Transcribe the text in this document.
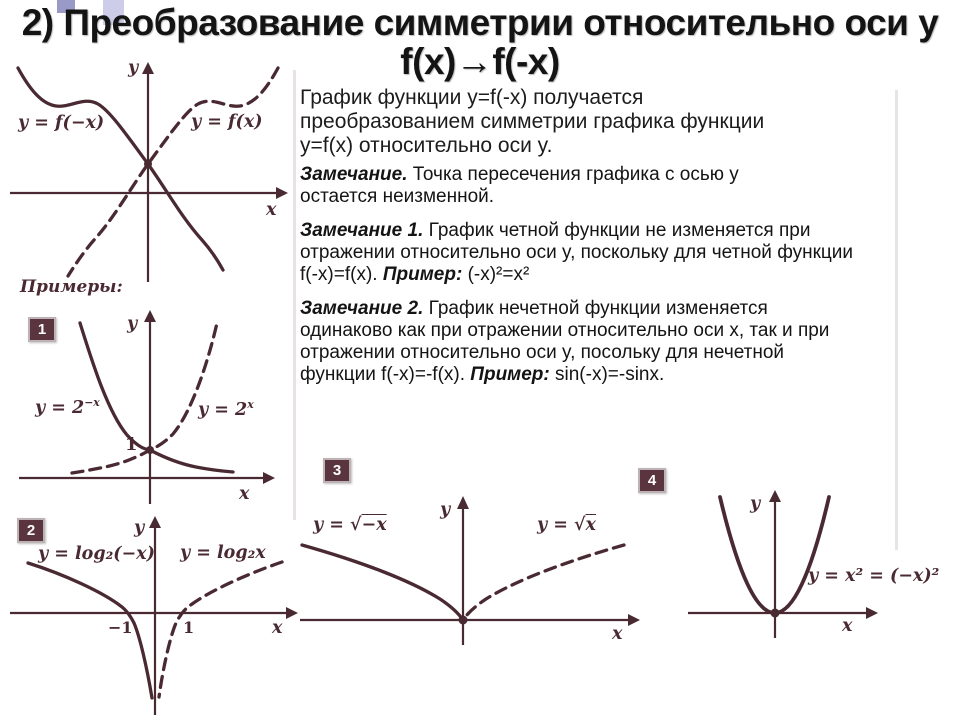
2) Преобразование симметрии относительно оси y
f(x)→f(-x)
y = f(−x)	y = f(x)
y
x
График функции y=f(-x) получается
преобразованием симметрии графика функции
y=f(x) относительно оси y.
Замечание. Точка пересечения графика с осью y
остается неизменной.
Замечание 1. График четной функции не изменяется при
отражении относительно оси y, поскольку для четной функции
f(-x)=f(x). Пример: (-x)²=x²
Замечание 2. График нечетной функции изменяется
одинаково как при отражении относительно оси x, так и при
отражении относительно оси y, посольку для нечетной
функции f(-x)=-f(x). Пример: sin(-x)=-sinx.
Примеры:
1
$y = 2^{-x}$	$y = 2^x$
1
y
x
2
y = log₂(−x) y = log₂x
−1	1
y
x
3
y = √−x	y = √x
y
x
4
y = x² = (−x)²
y
x
